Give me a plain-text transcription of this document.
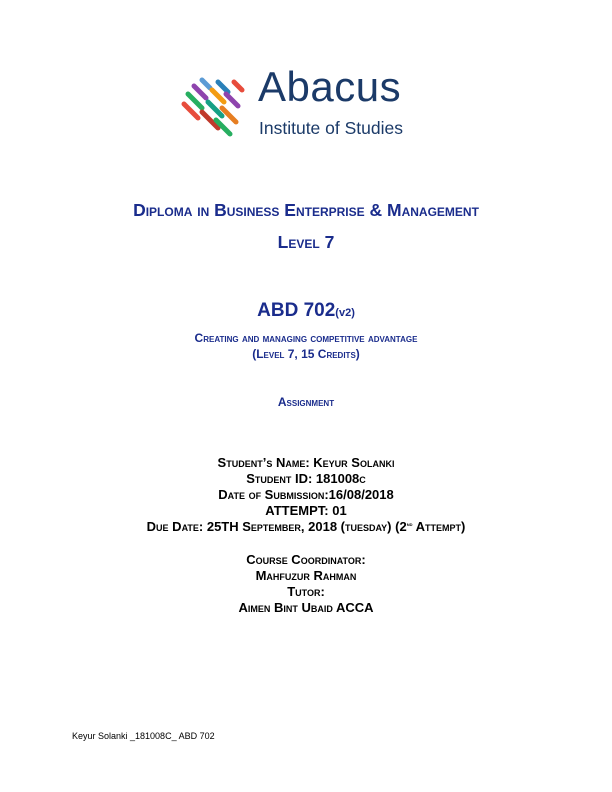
Abacus
Institute of Studies
Diploma in Business Enterprise & Management
Level 7
ABD 702(v2)
Creating and managing competitive advantage
(Level 7, 15 Credits)
Assignment
Student’s Name: Keyur Solanki
Student ID: 181008c
Date of Submission:16/08/2018
ATTEMPT: 01
Due Date: 25TH September, 2018 (tuesday) (2nd Attempt)
Course Coordinator:
Mahfuzur Rahman
Tutor:
Aimen Bint Ubaid ACCA
Keyur Solanki _181008C_ ABD 702
